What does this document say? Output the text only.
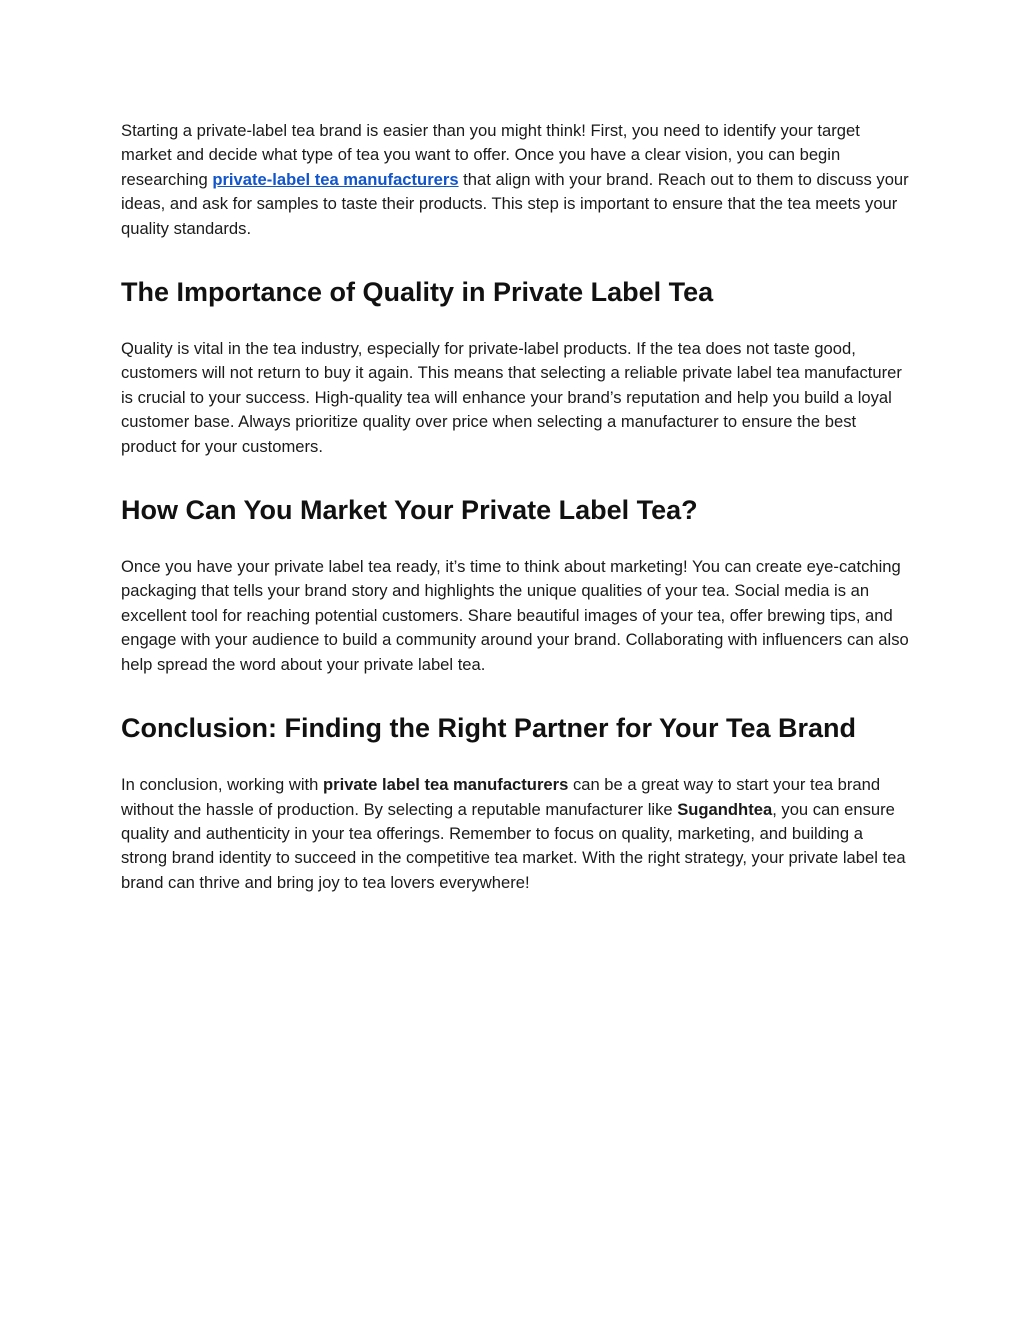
Starting a private-label tea brand is easier than you might think! First, you need to identify your target market and decide what type of tea you want to offer. Once you have a clear vision, you can begin researching private-label tea manufacturers that align with your brand. Reach out to them to discuss your ideas, and ask for samples to taste their products. This step is important to ensure that the tea meets your quality standards.

The Importance of Quality in Private Label Tea

Quality is vital in the tea industry, especially for private-label products. If the tea does not taste good, customers will not return to buy it again. This means that selecting a reliable private label tea manufacturer is crucial to your success. High-quality tea will enhance your brand’s reputation and help you build a loyal customer base. Always prioritize quality over price when selecting a manufacturer to ensure the best product for your customers.

How Can You Market Your Private Label Tea?

Once you have your private label tea ready, it’s time to think about marketing! You can create eye-catching packaging that tells your brand story and highlights the unique qualities of your tea. Social media is an excellent tool for reaching potential customers. Share beautiful images of your tea, offer brewing tips, and engage with your audience to build a community around your brand. Collaborating with influencers can also help spread the word about your private label tea.

Conclusion: Finding the Right Partner for Your Tea Brand

In conclusion, working with private label tea manufacturers can be a great way to start your tea brand without the hassle of production. By selecting a reputable manufacturer like Sugandhtea, you can ensure quality and authenticity in your tea offerings. Remember to focus on quality, marketing, and building a strong brand identity to succeed in the competitive tea market. With the right strategy, your private label tea brand can thrive and bring joy to tea lovers everywhere!
